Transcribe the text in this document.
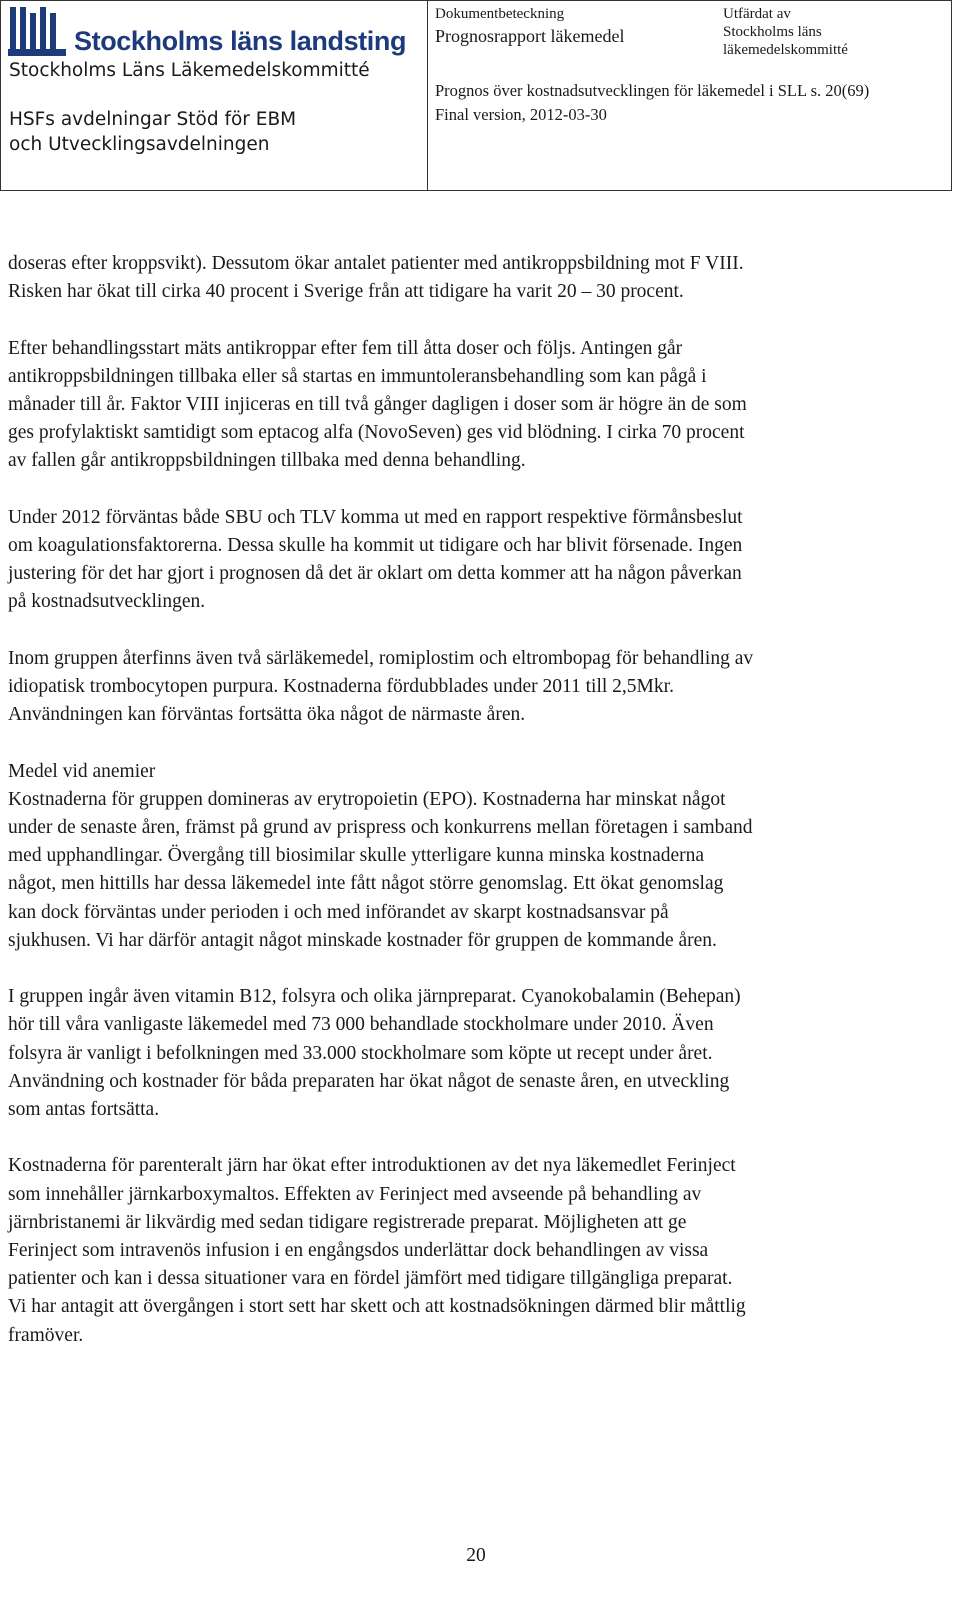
Stockholms läns landsting
Stockholms Läns Läkemedelskommitté
HSFs avdelningar Stöd för EBM
och Utvecklingsavdelningen
Dokumentbeteckning
Prognosrapport läkemedel
Utfärdat av
Stockholms läns
läkemedelskommitté
Prognos över kostnadsutvecklingen för läkemedel i SLL s. 20(69)
Final version, 2012-03-30

doseras efter kroppsvikt). Dessutom ökar antalet patienter med antikroppsbildning mot F VIII.
Risken har ökat till cirka 40 procent i Sverige från att tidigare ha varit 20 – 30 procent.

Efter behandlingsstart mäts antikroppar efter fem till åtta doser och följs. Antingen går
antikroppsbildningen tillbaka eller så startas en immuntoleransbehandling som kan pågå i
månader till år. Faktor VIII injiceras en till två gånger dagligen i doser som är högre än de som
ges profylaktiskt samtidigt som eptacog alfa (NovoSeven) ges vid blödning. I cirka 70 procent
av fallen går antikroppsbildningen tillbaka med denna behandling.

Under 2012 förväntas både SBU och TLV komma ut med en rapport respektive förmånsbeslut
om koagulationsfaktorerna. Dessa skulle ha kommit ut tidigare och har blivit försenade. Ingen
justering för det har gjort i prognosen då det är oklart om detta kommer att ha någon påverkan
på kostnadsutvecklingen.

Inom gruppen återfinns även två särläkemedel, romiplostim och eltrombopag för behandling av
idiopatisk trombocytopen purpura. Kostnaderna fördubblades under 2011 till 2,5Mkr.
Användningen kan förväntas fortsätta öka något de närmaste åren.

Medel vid anemier
Kostnaderna för gruppen domineras av erytropoietin (EPO). Kostnaderna har minskat något
under de senaste åren, främst på grund av prispress och konkurrens mellan företagen i samband
med upphandlingar. Övergång till biosimilar skulle ytterligare kunna minska kostnaderna
något, men hittills har dessa läkemedel inte fått något större genomslag. Ett ökat genomslag
kan dock förväntas under perioden i och med införandet av skarpt kostnadsansvar på
sjukhusen. Vi har därför antagit något minskade kostnader för gruppen de kommande åren.

I gruppen ingår även vitamin B12, folsyra och olika järnpreparat. Cyanokobalamin (Behepan)
hör till våra vanligaste läkemedel med 73 000 behandlade stockholmare under 2010. Även
folsyra är vanligt i befolkningen med 33.000 stockholmare som köpte ut recept under året.
Användning och kostnader för båda preparaten har ökat något de senaste åren, en utveckling
som antas fortsätta.

Kostnaderna för parenteralt järn har ökat efter introduktionen av det nya läkemedlet Ferinject
som innehåller järnkarboxymaltos. Effekten av Ferinject med avseende på behandling av
järnbristanemi är likvärdig med sedan tidigare registrerade preparat. Möjligheten att ge
Ferinject som intravenös infusion i en engångsdos underlättar dock behandlingen av vissa
patienter och kan i dessa situationer vara en fördel jämfört med tidigare tillgängliga preparat.
Vi har antagit att övergången i stort sett har skett och att kostnadsökningen därmed blir måttlig
framöver.

20
